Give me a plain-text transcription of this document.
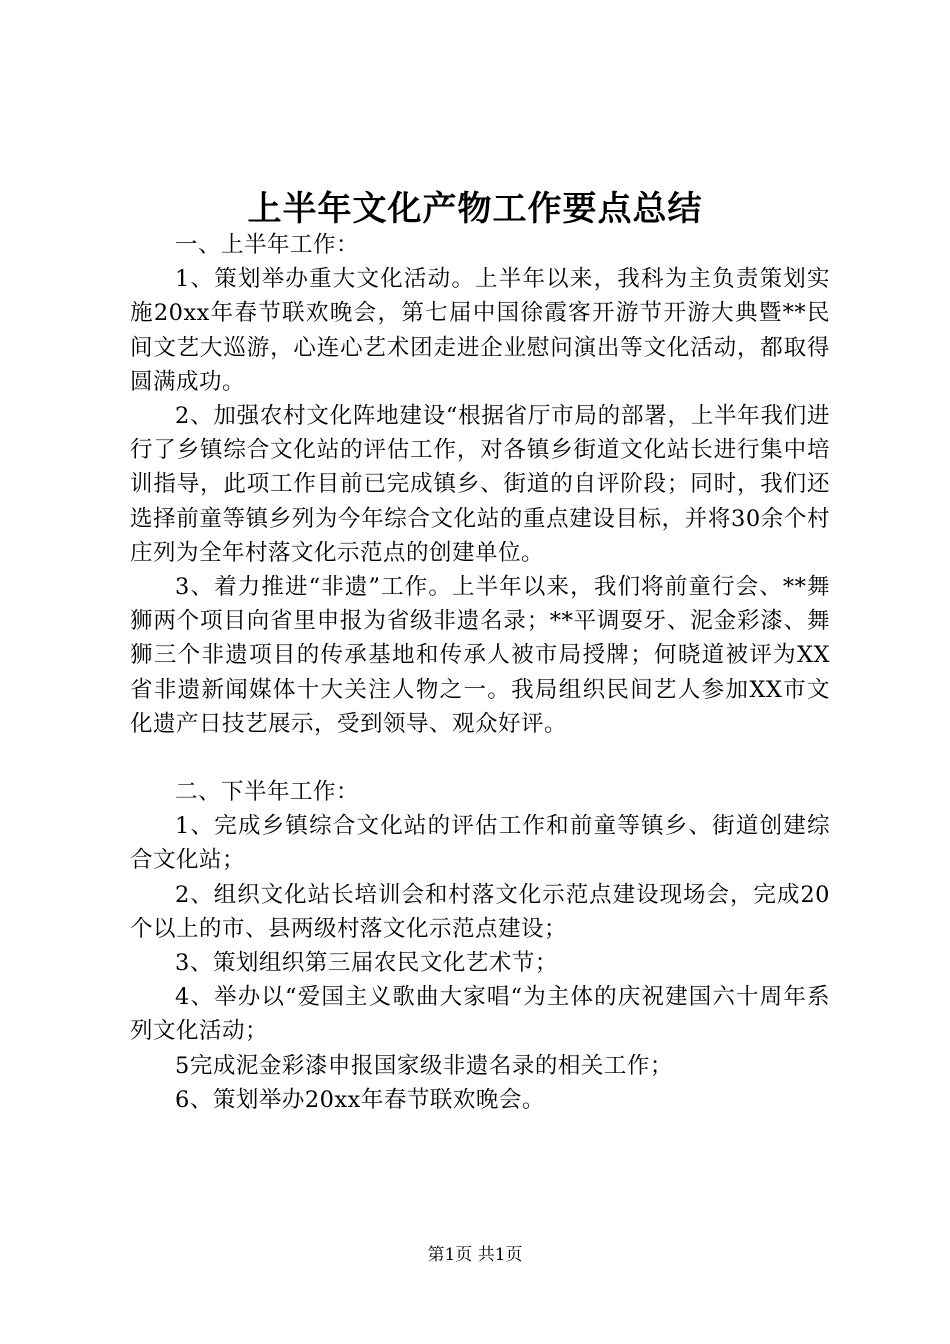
上半年文化产物工作要点总结

一、上半年工作：

1、策划举办重大文化活动。上半年以来，我科为主负责策划实施20xx年春节联欢晚会，第七届中国徐霞客开游节开游大典暨**民间文艺大巡游，心连心艺术团走进企业慰问演出等文化活动，都取得圆满成功。

2、加强农村文化阵地建设“根据省厅市局的部署，上半年我们进行了乡镇综合文化站的评估工作，对各镇乡街道文化站长进行集中培训指导，此项工作目前已完成镇乡、街道的自评阶段；同时，我们还选择前童等镇乡列为今年综合文化站的重点建设目标，并将30余个村庄列为全年村落文化示范点的创建单位。

3、着力推进“非遗”工作。上半年以来，我们将前童行会、**舞狮两个项目向省里申报为省级非遗名录；**平调耍牙、泥金彩漆、舞狮三个非遗项目的传承基地和传承人被市局授牌；何晓道被评为XX省非遗新闻媒体十大关注人物之一。我局组织民间艺人参加XX市文化遗产日技艺展示，受到领导、观众好评。

二、下半年工作：

1、完成乡镇综合文化站的评估工作和前童等镇乡、街道创建综合文化站；

2、组织文化站长培训会和村落文化示范点建设现场会，完成20个以上的市、县两级村落文化示范点建设；

3、策划组织第三届农民文化艺术节；

4、举办以“爱国主义歌曲大家唱“为主体的庆祝建国六十周年系列文化活动；

5完成泥金彩漆申报国家级非遗名录的相关工作；

6、策划举办20xx年春节联欢晚会。

第1页 共1页
